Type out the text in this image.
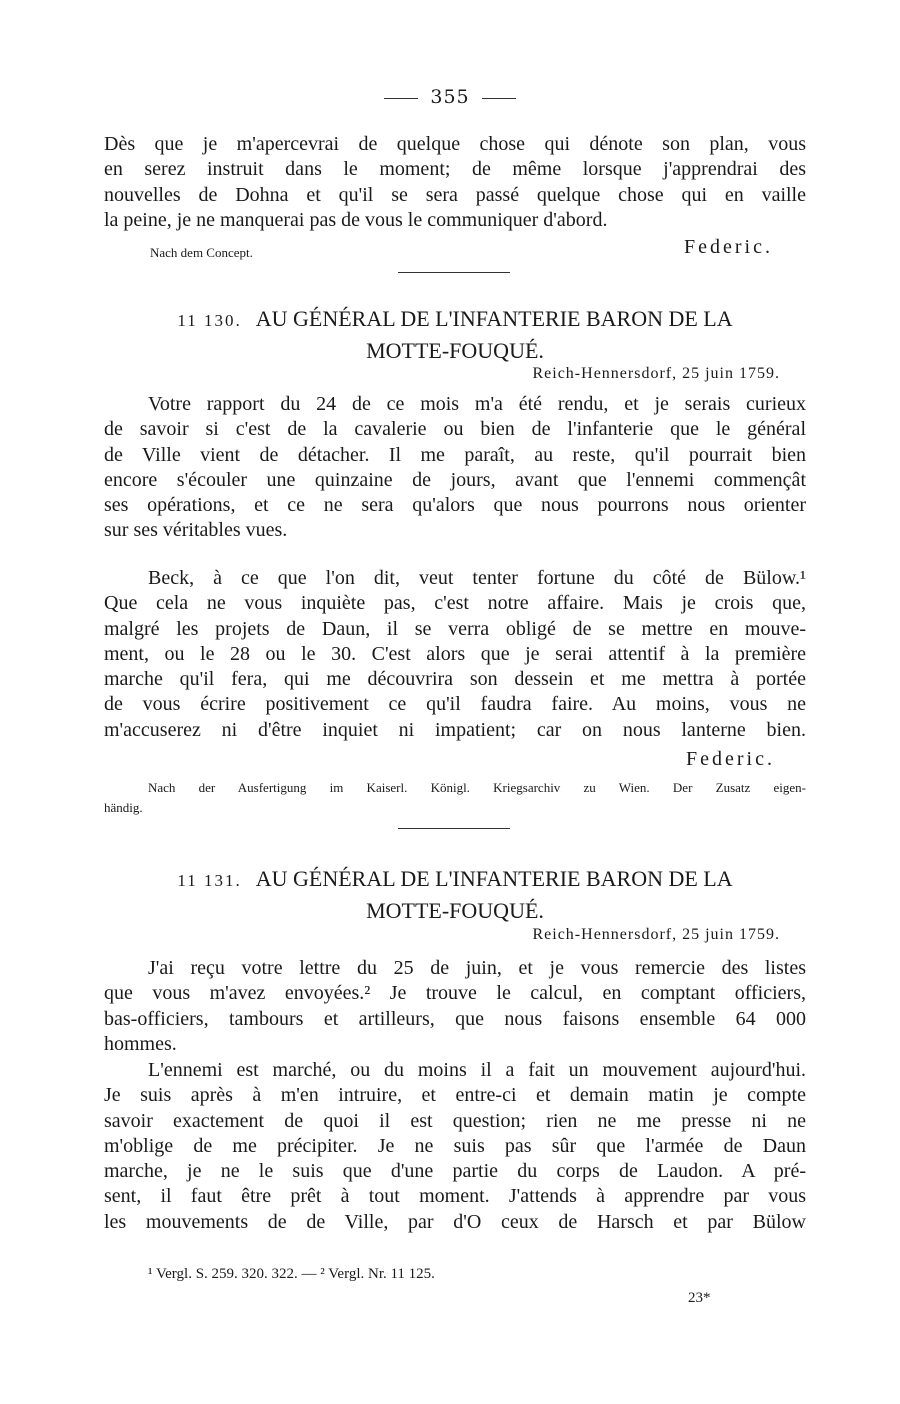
355
Dès que je m'apercevrai de quelque chose qui dénote son plan, vous
en serez instruit dans le moment; de même lorsque j'apprendrai des
nouvelles de Dohna et qu'il se sera passé quelque chose qui en vaille
la peine, je ne manquerai pas de vous le communiquer d'abord.
Nach dem Concept.	Federic.
11 130. AU GÉNÉRAL DE L'INFANTERIE BARON DE LA
MOTTE-FOUQUÉ.
Reich-Hennersdorf, 25 juin 1759.
Votre rapport du 24 de ce mois m'a été rendu, et je serais curieux
de savoir si c'est de la cavalerie ou bien de l'infanterie que le général
de Ville vient de détacher. Il me paraît, au reste, qu'il pourrait bien
encore s'écouler une quinzaine de jours, avant que l'ennemi commençât
ses opérations, et ce ne sera qu'alors que nous pourrons nous orienter
sur ses véritables vues.
Beck, à ce que l'on dit, veut tenter fortune du côté de Bülow.¹
Que cela ne vous inquiète pas, c'est notre affaire. Mais je crois que,
malgré les projets de Daun, il se verra obligé de se mettre en mouve-
ment, ou le 28 ou le 30. C'est alors que je serai attentif à la première
marche qu'il fera, qui me découvrira son dessein et me mettra à portée
de vous écrire positivement ce qu'il faudra faire. Au moins, vous ne
m'accuserez ni d'être inquiet ni impatient; car on nous lanterne bien.
Federic.
Nach der Ausfertigung im Kaiserl. Königl. Kriegsarchiv zu Wien. Der Zusatz eigen-
händig.
11 131. AU GÉNÉRAL DE L'INFANTERIE BARON DE LA
MOTTE-FOUQUÉ.
Reich-Hennersdorf, 25 juin 1759.
J'ai reçu votre lettre du 25 de juin, et je vous remercie des listes
que vous m'avez envoyées.² Je trouve le calcul, en comptant officiers,
bas-officiers, tambours et artilleurs, que nous faisons ensemble 64 000
hommes.
L'ennemi est marché, ou du moins il a fait un mouvement aujourd'hui.
Je suis après à m'en intruire, et entre-ci et demain matin je compte
savoir exactement de quoi il est question; rien ne me presse ni ne
m'oblige de me précipiter. Je ne suis pas sûr que l'armée de Daun
marche, je ne le suis que d'une partie du corps de Laudon. A pré-
sent, il faut être prêt à tout moment. J'attends à apprendre par vous
les mouvements de de Ville, par d'O ceux de Harsch et par Bülow
¹ Vergl. S. 259. 320. 322. — ² Vergl. Nr. 11 125.
23*
